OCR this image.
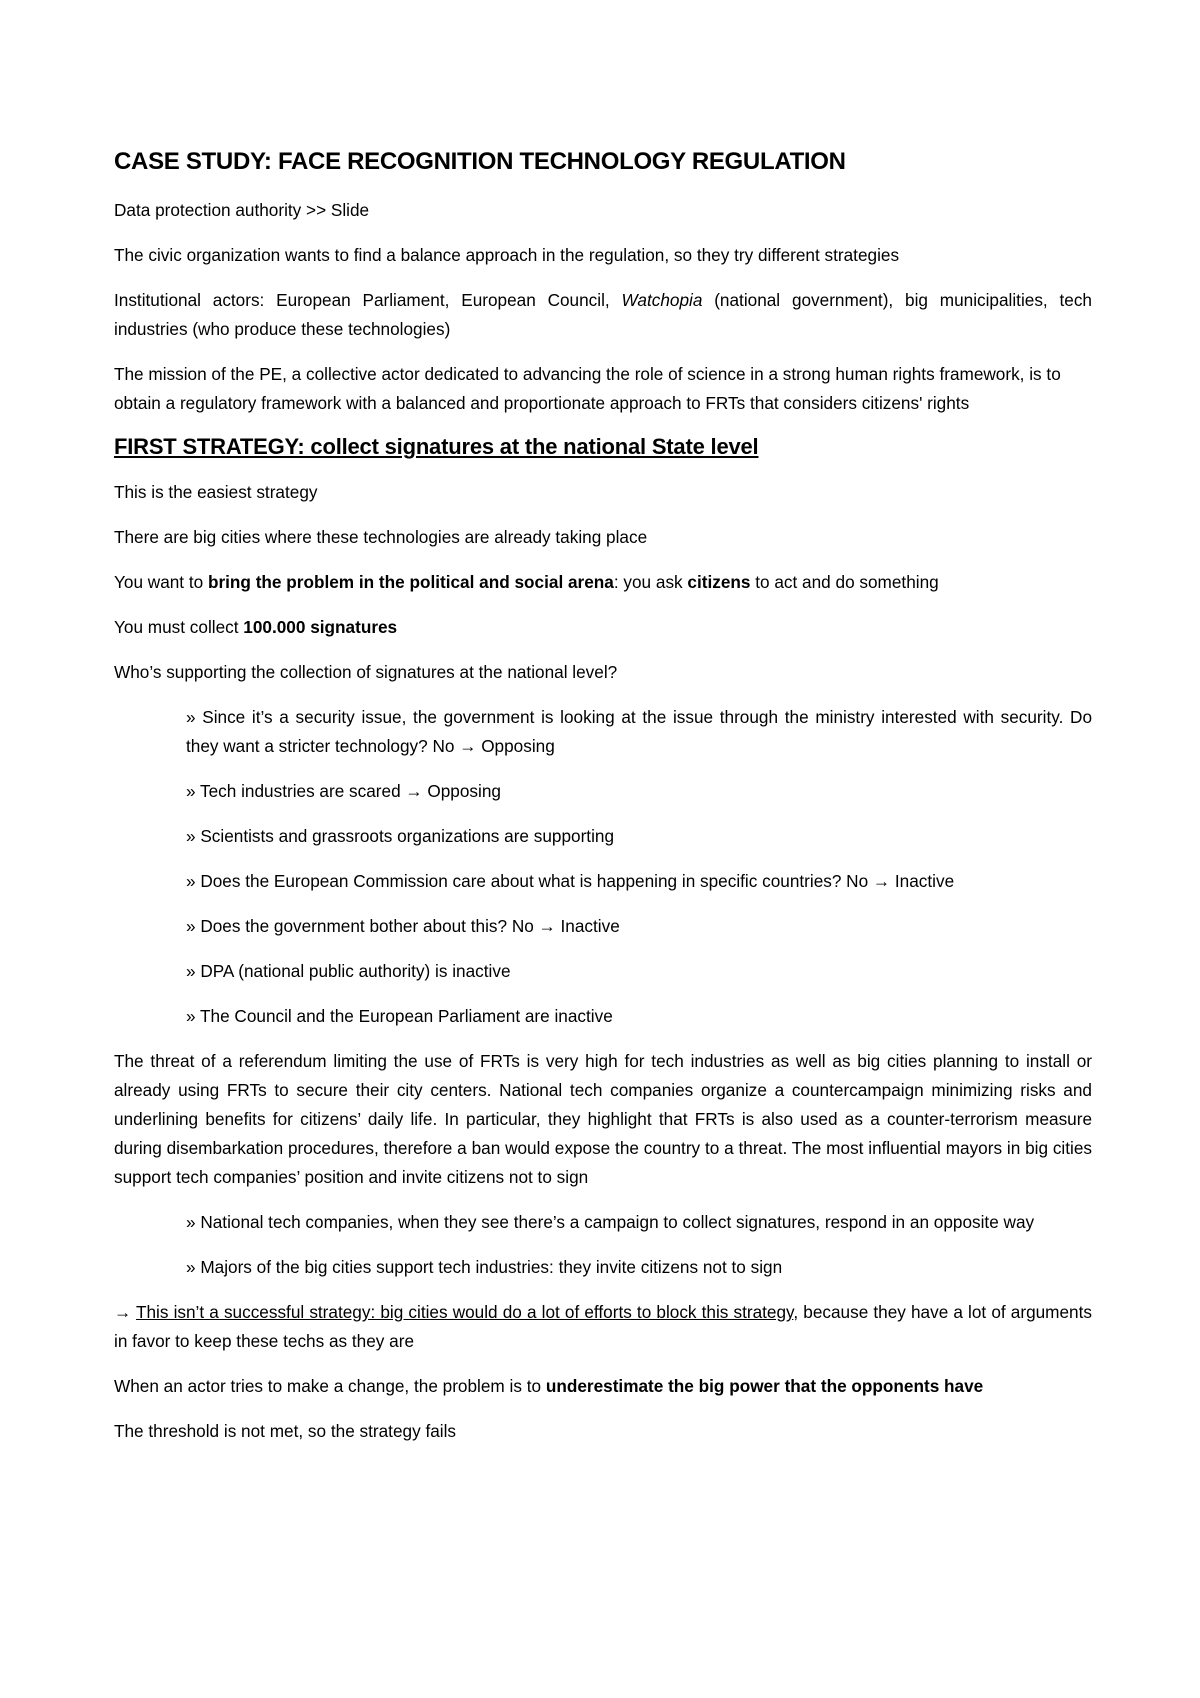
CASE STUDY: FACE RECOGNITION TECHNOLOGY REGULATION
Data protection authority >> Slide
The civic organization wants to find a balance approach in the regulation, so they try different strategies
Institutional actors: European Parliament, European Council, Watchopia (national government), big municipalities, tech industries (who produce these technologies)
The mission of the PE, a collective actor dedicated to advancing the role of science in a strong human rights framework, is to obtain a regulatory framework with a balanced and proportionate approach to FRTs that considers citizens' rights
FIRST STRATEGY: collect signatures at the national State level
This is the easiest strategy
There are big cities where these technologies are already taking place
You want to bring the problem in the political and social arena: you ask citizens to act and do something
You must collect 100.000 signatures
Who’s supporting the collection of signatures at the national level?
» Since it’s a security issue, the government is looking at the issue through the ministry interested with security. Do they want a stricter technology? No → Opposing
» Tech industries are scared → Opposing
» Scientists and grassroots organizations are supporting
» Does the European Commission care about what is happening in specific countries? No → Inactive
» Does the government bother about this? No → Inactive
» DPA (national public authority) is inactive
» The Council and the European Parliament are inactive
The threat of a referendum limiting the use of FRTs is very high for tech industries as well as big cities planning to install or already using FRTs to secure their city centers. National tech companies organize a countercampaign minimizing risks and underlining benefits for citizens’ daily life. In particular, they highlight that FRTs is also used as a counter-terrorism measure during disembarkation procedures, therefore a ban would expose the country to a threat. The most influential mayors in big cities support tech companies’ position and invite citizens not to sign
» National tech companies, when they see there’s a campaign to collect signatures, respond in an opposite way
» Majors of the big cities support tech industries: they invite citizens not to sign
→ This isn’t a successful strategy: big cities would do a lot of efforts to block this strategy, because they have a lot of arguments in favor to keep these techs as they are
When an actor tries to make a change, the problem is to underestimate the big power that the opponents have
The threshold is not met, so the strategy fails
